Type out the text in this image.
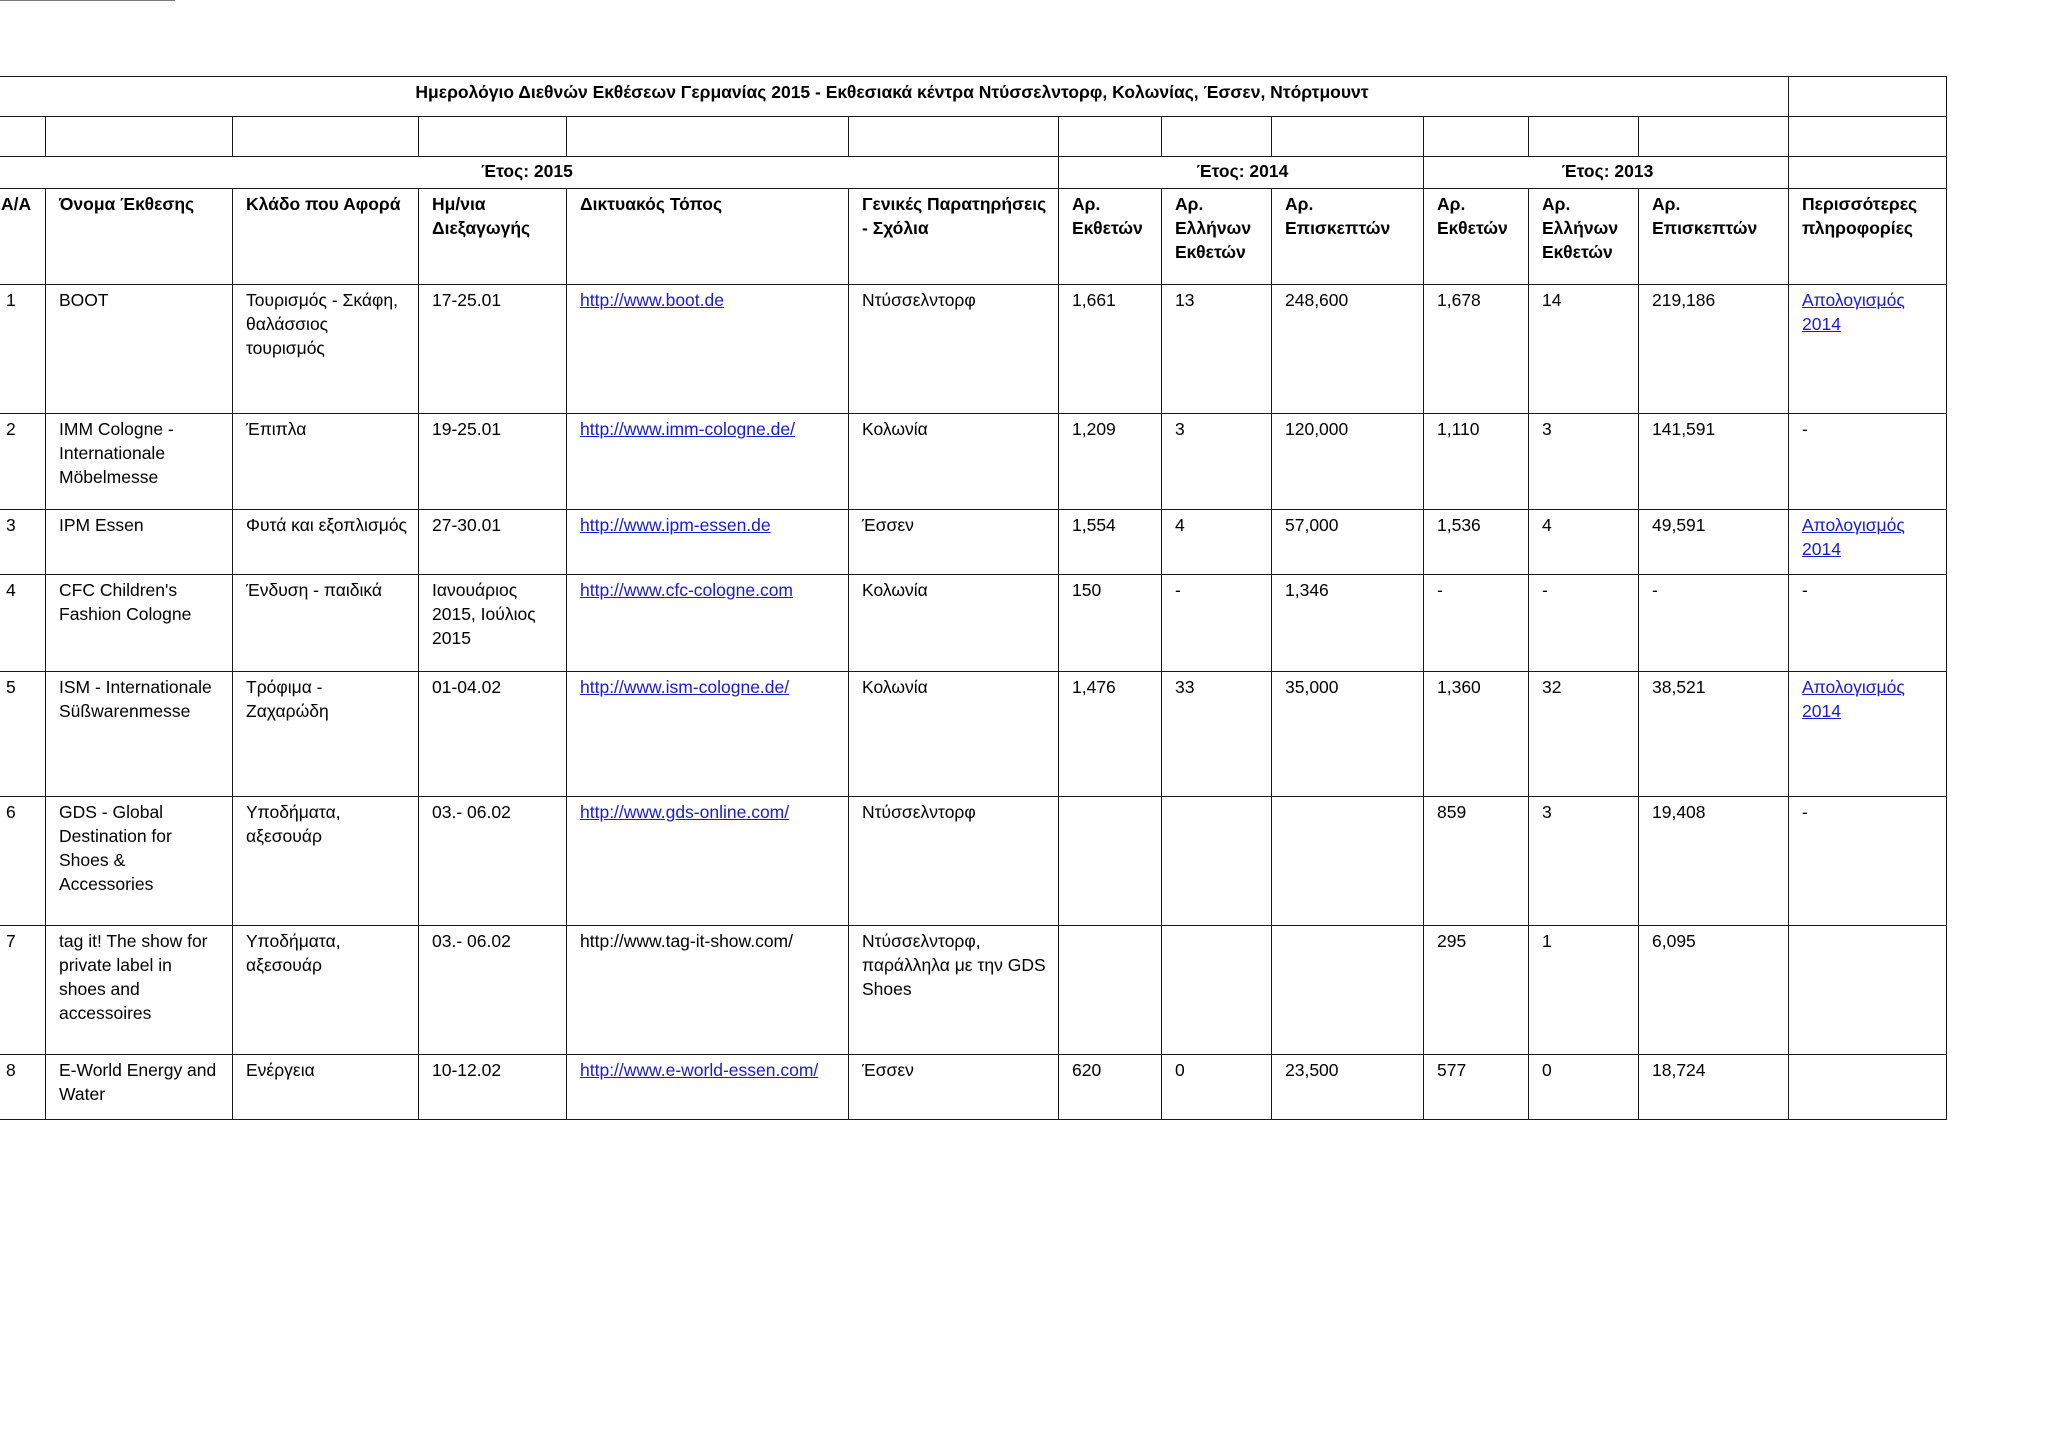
Ημερολόγιο Διεθνών Εκθέσεων Γερμανίας 2015 - Εκθεσιακά κέντρα Ντύσσελντορφ, Κολωνίας, Έσσεν, Ντόρτμουντ												

Έτος: 2015						Έτος: 2014			Έτος: 2013			
Α/Α	Όνομα Έκθεσης	Κλάδο που Αφορά	Ημ/νια Διεξαγωγής	Δικτυακός Τόπος	Γενικές Παρατηρήσεις - Σχόλια	Αρ. Εκθετών	Αρ. Ελλήνων Εκθετών	Αρ. Επισκεπτών	Αρ. Εκθετών	Αρ. Ελλήνων Εκθετών	Αρ. Επισκεπτών	Περισσότερες πληροφορίες
1	BOOT	Τουρισμός - Σκάφη, θαλάσσιος τουρισμός	17-25.01	http://www.boot.de	Ντύσσελντορφ	1,661	13	248,600	1,678	14	219,186	Απολογισμός 2014
2	IMM Cologne - Internationale Möbelmesse	Έπιπλα	19-25.01	http://www.imm-cologne.de/	Κολωνία	1,209	3	120,000	1,110	3	141,591	-
3	IPM Essen	Φυτά και εξοπλισμός	27-30.01	http://www.ipm-essen.de	Έσσεν	1,554	4	57,000	1,536	4	49,591	Απολογισμός 2014
4	CFC Children's Fashion Cologne	Ένδυση - παιδικά	Ιανουάριος 2015, Ιούλιος 2015	http://www.cfc-cologne.com	Κολωνία	150	-	1,346	-	-	-	-
5	ISM - Internationale Süßwarenmesse	Τρόφιμα - Ζαχαρώδη	01-04.02	http://www.ism-cologne.de/	Κολωνία	1,476	33	35,000	1,360	32	38,521	Απολογισμός 2014
6	GDS - Global Destination for Shoes & Accessories	Υποδήματα, αξεσουάρ	03.- 06.02	http://www.gds-online.com/	Ντύσσελντορφ				859	3	19,408	-
7	tag it! The show for private label in shoes and accessoires	Υποδήματα, αξεσουάρ	03.- 06.02	http://www.tag-it-show.com/	Ντύσσελντορφ, παράλληλα με την GDS Shoes				295	1	6,095	
8	E-World Energy and Water	Ενέργεια	10-12.02	http://www.e-world-essen.com/	Έσσεν	620	0	23,500	577	0	18,724	
